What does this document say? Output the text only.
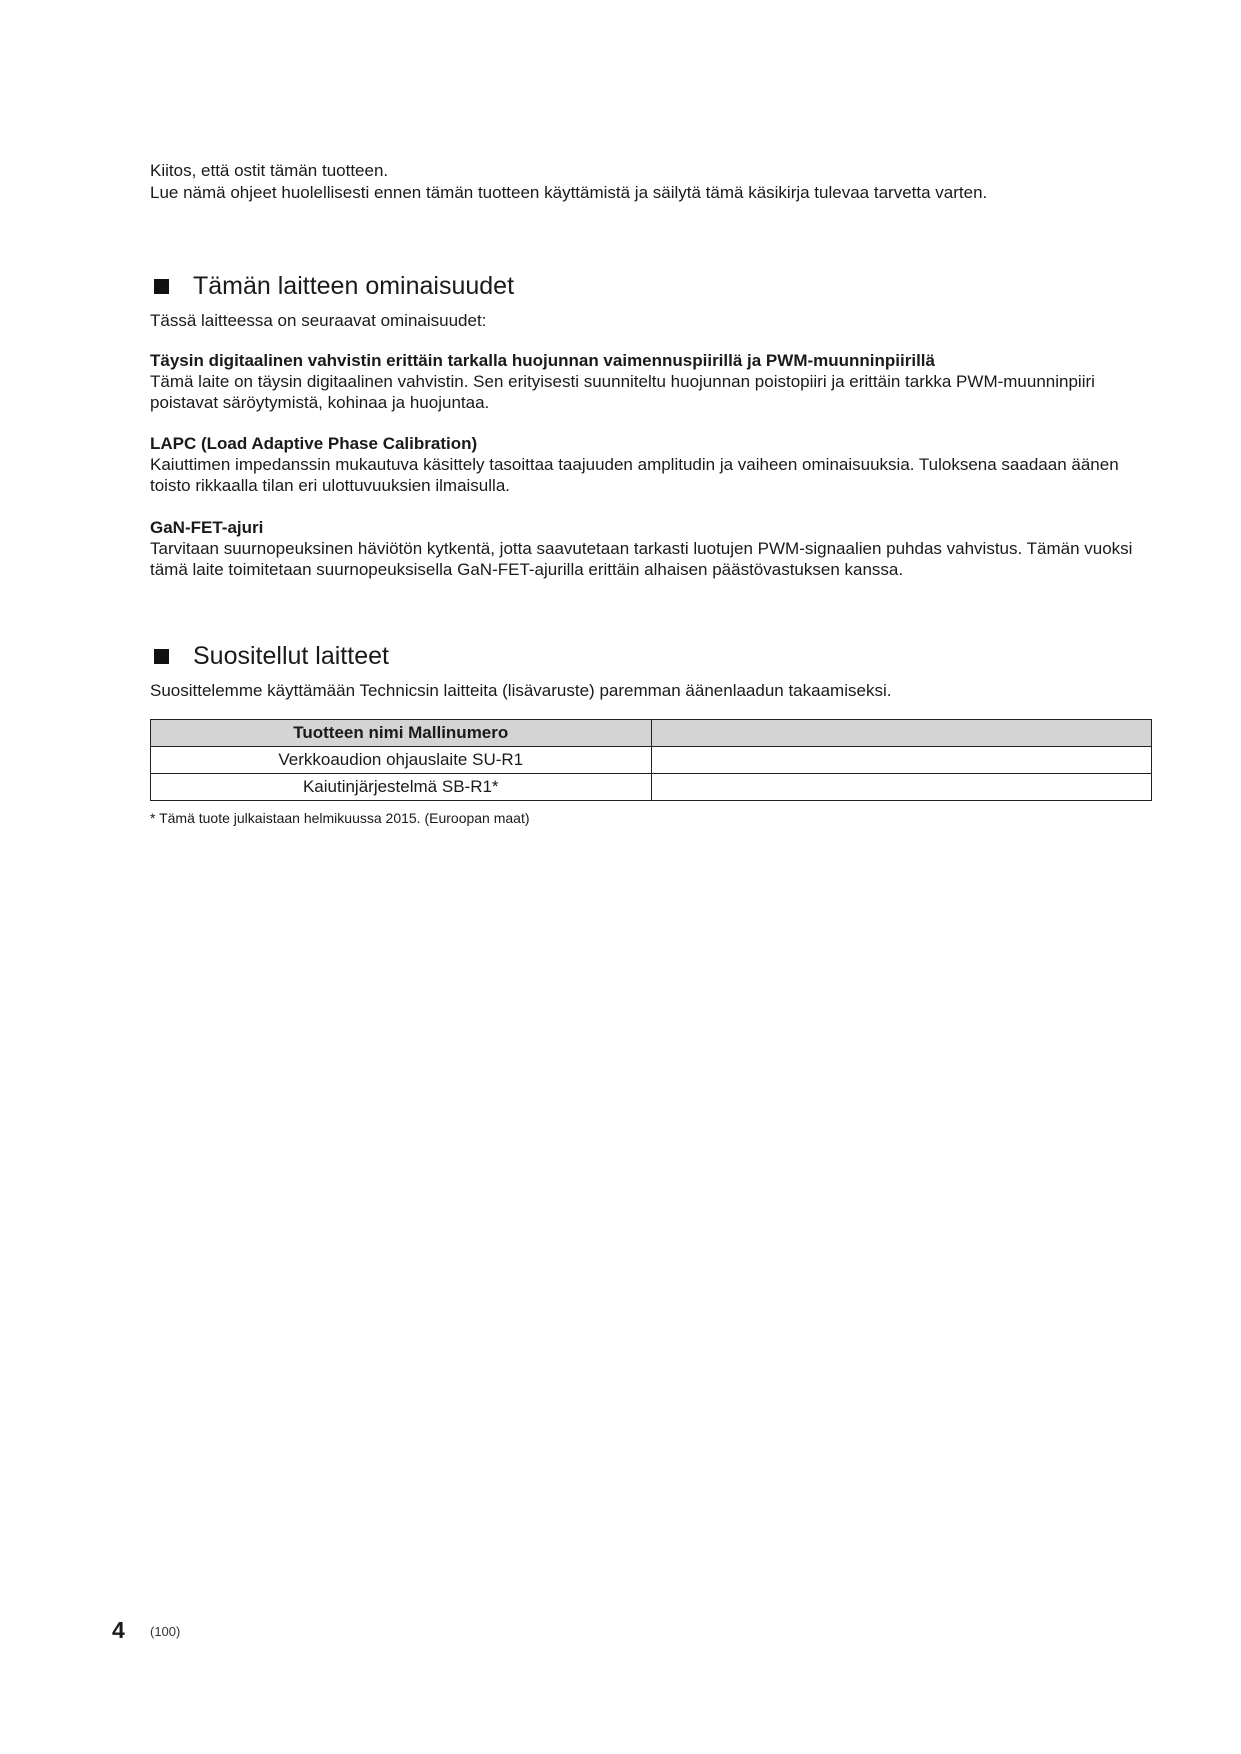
Kiitos, että ostit tämän tuotteen.

Lue nämä ohjeet huolellisesti ennen tämän tuotteen käyttämistä ja säilytä tämä käsikirja tulevaa tarvetta varten.

Tämän laitteen ominaisuudet

Tässä laitteessa on seuraavat ominaisuudet:

Täysin digitaalinen vahvistin erittäin tarkalla huojunnan vaimennuspiirillä ja PWM-muunninpiirillä

Tämä laite on täysin digitaalinen vahvistin. Sen erityisesti suunniteltu huojunnan poistopiiri ja erittäin tarkka PWM-muunninpiiri poistavat säröytymistä, kohinaa ja huojuntaa.

LAPC (Load Adaptive Phase Calibration)

Kaiuttimen impedanssin mukautuva käsittely tasoittaa taajuuden amplitudin ja vaiheen ominaisuuksia. Tuloksena saadaan äänen toisto rikkaalla tilan eri ulottuvuuksien ilmaisulla.

GaN-FET-ajuri

Tarvitaan suurnopeuksinen häviötön kytkentä, jotta saavutetaan tarkasti luotujen PWM-signaalien puhdas vahvistus. Tämän vuoksi tämä laite toimitetaan suurnopeuksisella GaN-FET-ajurilla erittäin alhaisen päästövastuksen kanssa.

Suositellut laitteet

Suosittelemme käyttämään Technicsin laitteita (lisävaruste) paremman äänenlaadun takaamiseksi.

Tuotteen nimi Mallinumero	
Verkkoaudion ohjauslaite SU-R1	
Kaiutinjärjestelmä SB-R1*	

* Tämä tuote julkaistaan helmikuussa 2015. (Euroopan maat)

4 (100)
